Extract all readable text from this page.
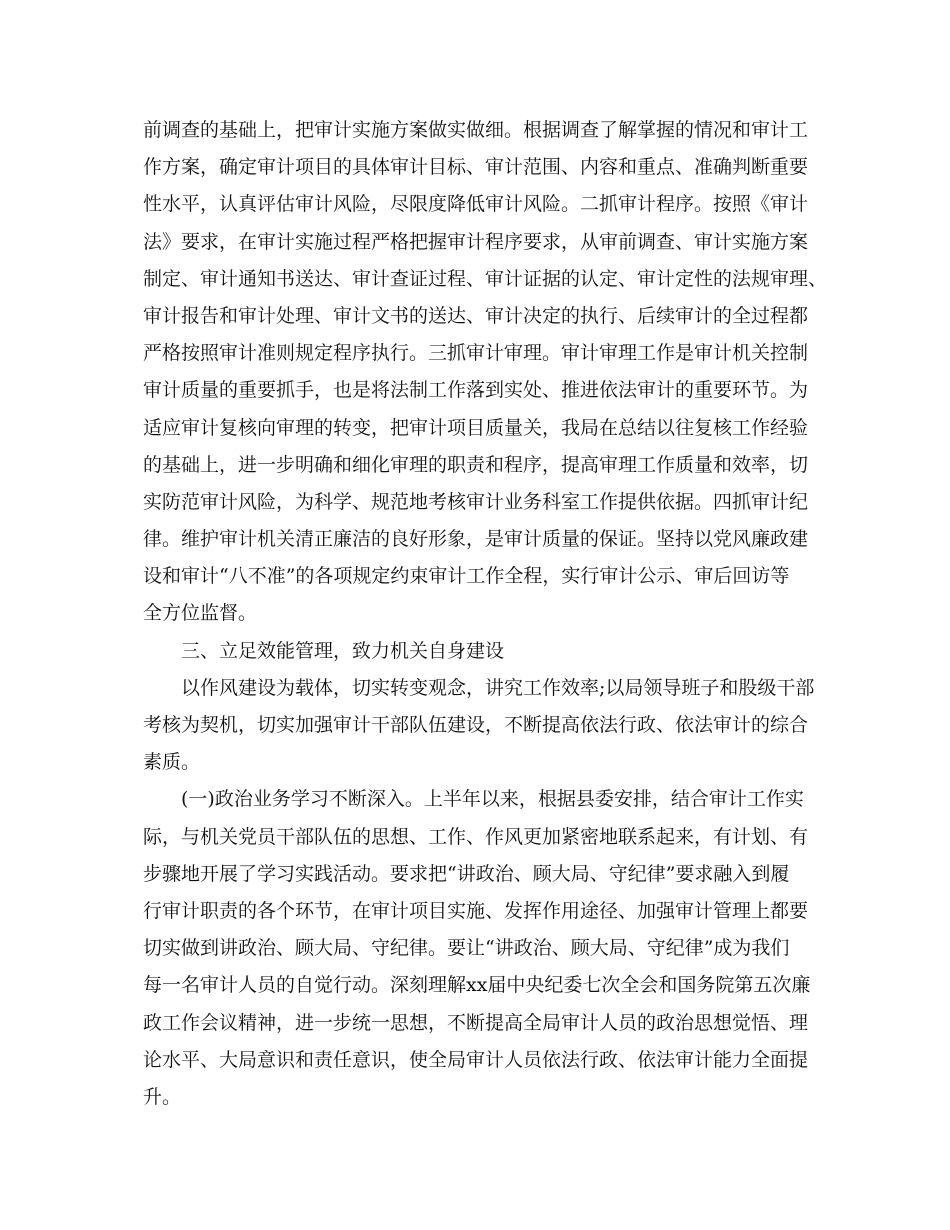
前调查的基础上，把审计实施方案做实做细。根据调查了解掌握的情况和审计工
作方案，确定审计项目的具体审计目标、审计范围、内容和重点、准确判断重要
性水平，认真评估审计风险，尽限度降低审计风险。二抓审计程序。按照《审计
法》要求，在审计实施过程严格把握审计程序要求，从审前调查、审计实施方案
制定、审计通知书送达、审计查证过程、审计证据的认定、审计定性的法规审理、
审计报告和审计处理、审计文书的送达、审计决定的执行、后续审计的全过程都
严格按照审计准则规定程序执行。三抓审计审理。审计审理工作是审计机关控制
审计质量的重要抓手，也是将法制工作落到实处、推进依法审计的重要环节。为
适应审计复核向审理的转变，把审计项目质量关，我局在总结以往复核工作经验
的基础上，进一步明确和细化审理的职责和程序，提高审理工作质量和效率，切
实防范审计风险，为科学、规范地考核审计业务科室工作提供依据。四抓审计纪
律。维护审计机关清正廉洁的良好形象，是审计质量的保证。坚持以党风廉政建
设和审计“八不准”的各项规定约束审计工作全程，实行审计公示、审后回访等
全方位监督。
三、立足效能管理，致力机关自身建设
以作风建设为载体，切实转变观念，讲究工作效率;以局领导班子和股级干部
考核为契机，切实加强审计干部队伍建设，不断提高依法行政、依法审计的综合
素质。
(一)政治业务学习不断深入。上半年以来，根据县委安排，结合审计工作实
际，与机关党员干部队伍的思想、工作、作风更加紧密地联系起来，有计划、有
步骤地开展了学习实践活动。要求把“讲政治、顾大局、守纪律”要求融入到履
行审计职责的各个环节，在审计项目实施、发挥作用途径、加强审计管理上都要
切实做到讲政治、顾大局、守纪律。要让“讲政治、顾大局、守纪律”成为我们
每一名审计人员的自觉行动。深刻理解xx届中央纪委七次全会和国务院第五次廉
政工作会议精神，进一步统一思想，不断提高全局审计人员的政治思想觉悟、理
论水平、大局意识和责任意识，使全局审计人员依法行政、依法审计能力全面提
升。
